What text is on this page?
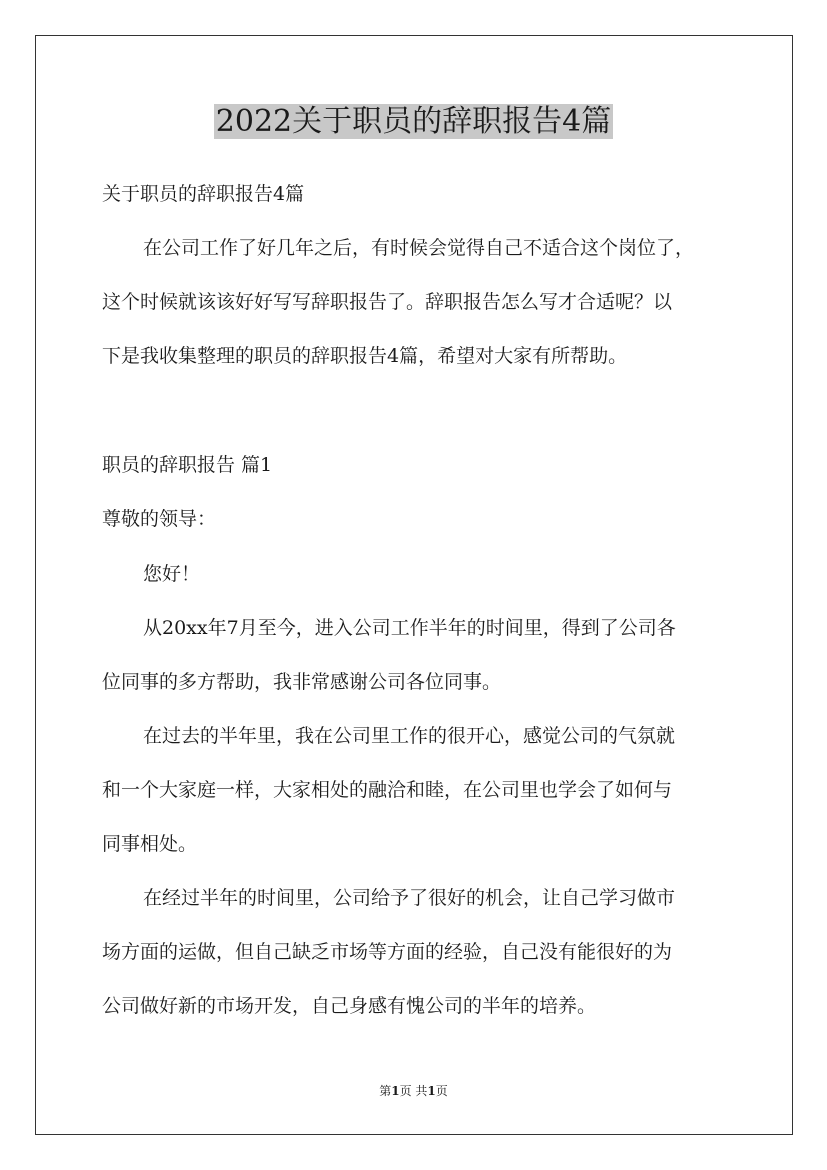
2022关于职员的辞职报告4篇
关于职员的辞职报告4篇
在公司工作了好几年之后，有时候会觉得自己不适合这个岗位了，
这个时候就该该好好写写辞职报告了。辞职报告怎么写才合适呢？以
下是我收集整理的职员的辞职报告4篇，希望对大家有所帮助。
职员的辞职报告 篇1
尊敬的领导：
您好！
从20xx年7月至今，进入公司工作半年的时间里，得到了公司各
位同事的多方帮助，我非常感谢公司各位同事。
在过去的半年里，我在公司里工作的很开心，感觉公司的气氛就
和一个大家庭一样，大家相处的融洽和睦，在公司里也学会了如何与
同事相处。
在经过半年的时间里，公司给予了很好的机会，让自己学习做市
场方面的运做，但自己缺乏市场等方面的经验，自己没有能很好的为
公司做好新的市场开发，自己身感有愧公司的半年的培养。
第1页 共1页
